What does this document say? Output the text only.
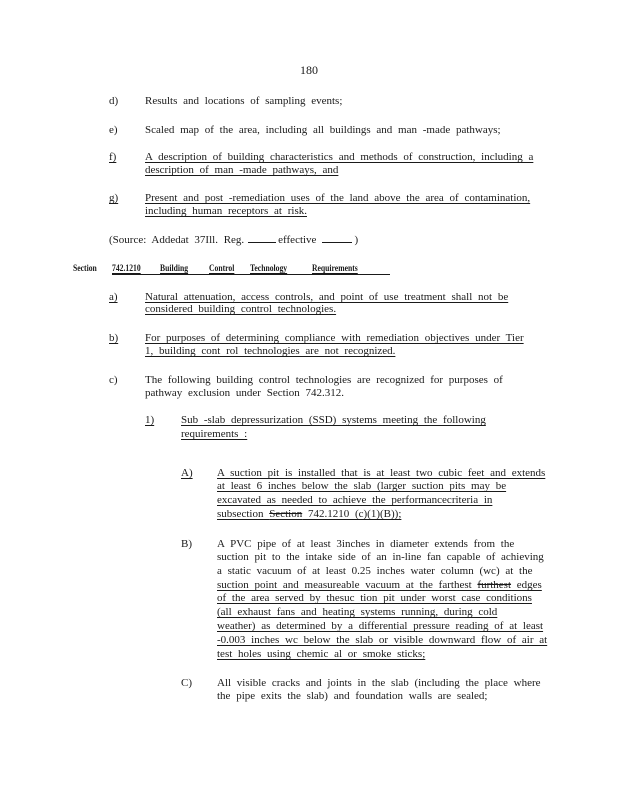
180
d) Results and locations of sampling events;
e) Scaled map of the area, including all buildings and man -made pathways;
f)	A description of building characteristics and methods of construction, including a
description of man -made pathways, and
g) Present and post -remediation uses of the land above the area of contamination,
including human receptors at risk.
(Source: Addedat 37Ill. Reg.	effective	)
Section 742.1210 Building Control Technology	Requirements
a) Natural attenuation, access controls, and point of use treatment shall not be
considered building control technologies.
b) For purposes of determining compliance with remediation objectives under Tier
1, building cont rol technologies are not recognized.
c) The following building control technologies are recognized for purposes of
pathway exclusion under Section 742.312.
1) Sub -slab depressurization (SSD) systems meeting the following
requirements :
A) A suction pit is installed that is at least two cubic feet and extends
at least 6 inches below the slab (larger suction pits may be
excavated as needed to achieve the performancecriteria in
subsection Section 742.1210 (c)(1)(B));
B) A PVC pipe of at least 3inches in diameter extends from the
suction pit to the intake side of an in-line fan capable of achieving
a static vacuum of at least 0.25 inches water column (wc) at the
suction point and measureable vacuum at the farthest furthest edges
of the area served by thesuc tion pit under worst case conditions
(all exhaust fans and heating systems running, during cold
weather) as determined by a differential pressure reading of at least
-0.003 inches wc below the slab or visible downward flow of air at
test holes using chemic al or smoke sticks;
C) All visible cracks and joints in the slab (including the place where
the pipe exits the slab) and foundation walls are sealed;
